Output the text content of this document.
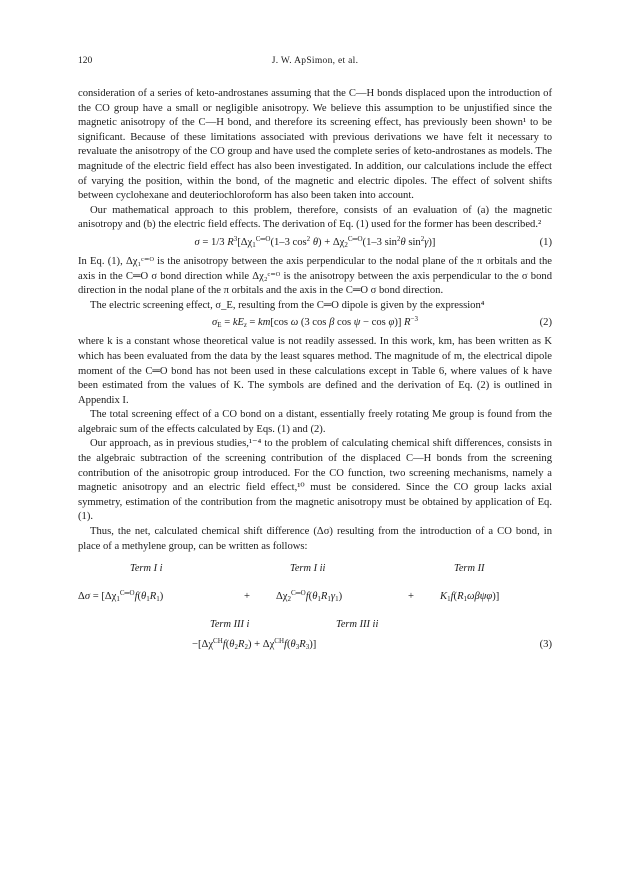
120	J. W. ApSimon, et al.

consideration of a series of keto-androstanes assuming that the C—H bonds displaced upon the introduction of the CO group have a small or negligible anisotropy. We believe this assumption to be unjustified since the magnetic anisotropy of the C—H bond, and therefore its screening effect, has previously been shown¹ to be significant. Because of these limitations associated with previous derivations we have felt it necessary to revaluate the anisotropy of the CO group and have used the complete series of keto-androstanes as models. The magnitude of the electric field effect has also been investigated. In addition, our calculations include the effect of varying the position, within the bond, of the magnetic and electric dipoles. The effect of solvent shifts between cyclohexane and deuteriochloroform has also been taken into account.

Our mathematical approach to this problem, therefore, consists of an evaluation of (a) the magnetic anisotropy and (b) the electric field effects. The derivation of Eq. (1) used for the former has been described.²

σ = 1/3 $R^3[\Delta\chi_1^{C═O}(1-3$ $\cos^2 \theta) + \Delta\chi_2^{C═O}(1-3$ $\sin^2\theta$ $\sin^2\gamma$)]	(1)

In Eq. (1), Δχ₁ᶜ⁼ᴼ is the anisotropy between the axis perpendicular to the nodal plane of the π orbitals and the axis in the C═O σ bond direction while Δχ₂ᶜ⁼ᴼ is the anisotropy between the axis perpendicular to the σ bond direction in the nodal plane of the π orbitals and the axis in the C═O σ bond direction.

The electric screening effect, σ_E, resulting from the C═O dipole is given by the expression⁴

$\sigma_E = kE_z = km[\cos$ ω (3 cos β cos ψ − cos φ)] $R^{-3}$	(2)

where k is a constant whose theoretical value is not readily assessed. In this work, km, has been written as K which has been evaluated from the data by the least squares method. The magnitude of m, the electrical dipole moment of the C═O bond has not been used in these calculations except in Table 6, where values of k have been estimated from the values of K. The symbols are defined and the derivation of Eq. (2) is outlined in Appendix I.

The total screening effect of a CO bond on a distant, essentially freely rotating Me group is found from the algebraic sum of the effects calculated by Eqs. (1) and (2).

Our approach, as in previous studies,¹⁻⁴ to the problem of calculating chemical shift differences, consists in the algebraic subtraction of the screening contribution of the displaced C—H bonds from the screening contribution of the anisotropic group introduced. For the CO function, two screening mechanisms, namely a magnetic anisotropy and an electric field effect,¹⁰ must be considered. Since the CO group lacks axial symmetry, estimation of the contribution from the magnetic anisotropy must be obtained by application of Eq. (1).

Thus, the net, calculated chemical shift difference (Δσ) resulting from the introduction of a CO bond, in place of a methylene group, can be written as follows:

Term I i	Term I ii	Term II
$\Delta\sigma = [\Delta\chi_1^{C═O}f(\theta_1R_1)$	+ $\Delta\chi_2^{C═O}f(\theta_1R_1\gamma_1)$	+ $K_1f(R_1\omega\beta\psi\varphi)$]
Term III i	Term III ii
$-[\Delta\chi^{CH}f(\theta_2R_2) + \Delta\chi^{CH}f(\theta_3R_3)]$	(3)
